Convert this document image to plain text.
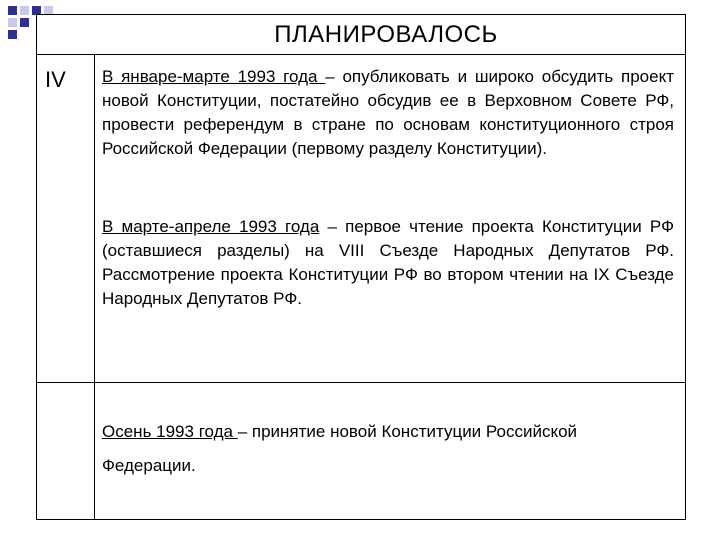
ПЛАНИРОВАЛОСЬ
IV В январе-марте 1993 года – опубликовать и широко обсудить проект новой Конституции, постатейно обсудив ее в Верховном Совете РФ, провести референдум в стране по основам конституционного строя Российской Федерации (первому разделу Конституции).

В марте-апреле 1993 года – первое чтение проекта Конституции РФ (оставшиеся разделы) на VIII Съезде Народных Депутатов РФ. Рассмотрение проекта Конституции РФ во втором чтении на IX Съезде Народных Депутатов РФ.

Осень 1993 года – принятие новой Конституции Российской Федерации.
